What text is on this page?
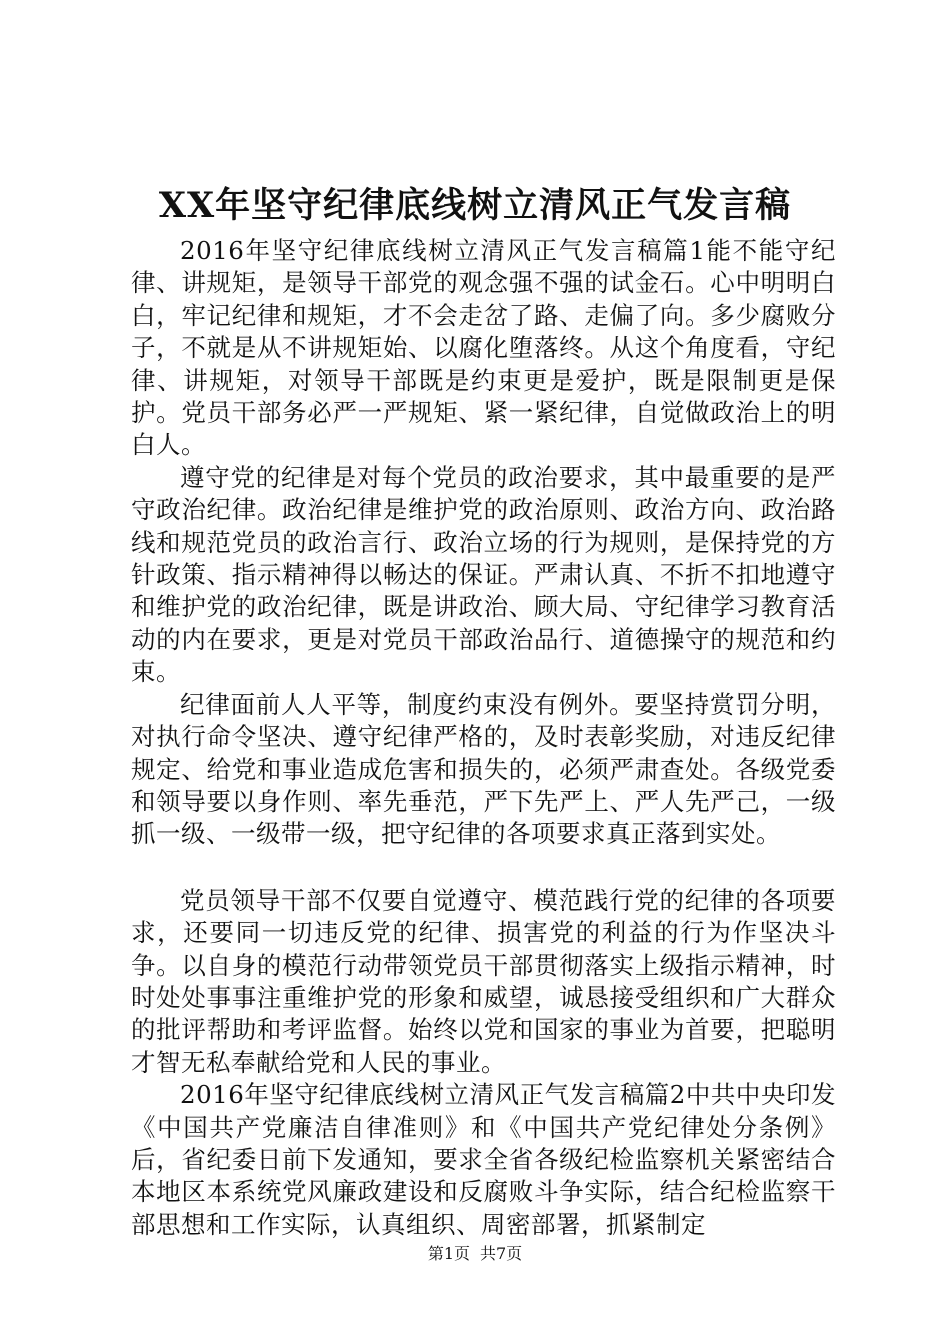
XX年坚守纪律底线树立清风正气发言稿

2016年坚守纪律底线树立清风正气发言稿篇1能不能守纪律、讲规矩，是领导干部党的观念强不强的试金石。心中明明白白，牢记纪律和规矩，才不会走岔了路、走偏了向。多少腐败分子，不就是从不讲规矩始、以腐化堕落终。从这个角度看，守纪律、讲规矩，对领导干部既是约束更是爱护，既是限制更是保护。党员干部务必严一严规矩、紧一紧纪律，自觉做政治上的明白人。

遵守党的纪律是对每个党员的政治要求，其中最重要的是严守政治纪律。政治纪律是维护党的政治原则、政治方向、政治路线和规范党员的政治言行、政治立场的行为规则，是保持党的方针政策、指示精神得以畅达的保证。严肃认真、不折不扣地遵守和维护党的政治纪律，既是讲政治、顾大局、守纪律学习教育活动的内在要求，更是对党员干部政治品行、道德操守的规范和约束。

纪律面前人人平等，制度约束没有例外。要坚持赏罚分明，对执行命令坚决、遵守纪律严格的，及时表彰奖励，对违反纪律规定、给党和事业造成危害和损失的，必须严肃查处。各级党委和领导要以身作则、率先垂范，严下先严上、严人先严己，一级抓一级、一级带一级，把守纪律的各项要求真正落到实处。

党员领导干部不仅要自觉遵守、模范践行党的纪律的各项要求，还要同一切违反党的纪律、损害党的利益的行为作坚决斗争。以自身的模范行动带领党员干部贯彻落实上级指示精神，时时处处事事注重维护党的形象和威望，诚恳接受组织和广大群众的批评帮助和考评监督。始终以党和国家的事业为首要，把聪明才智无私奉献给党和人民的事业。

2016年坚守纪律底线树立清风正气发言稿篇2中共中央印发《中国共产党廉洁自律准则》和《中国共产党纪律处分条例》后，省纪委日前下发通知，要求全省各级纪检监察机关紧密结合本地区本系统党风廉政建设和反腐败斗争实际，结合纪检监察干部思想和工作实际，认真组织、周密部署，抓紧制定

第1页 共7页
